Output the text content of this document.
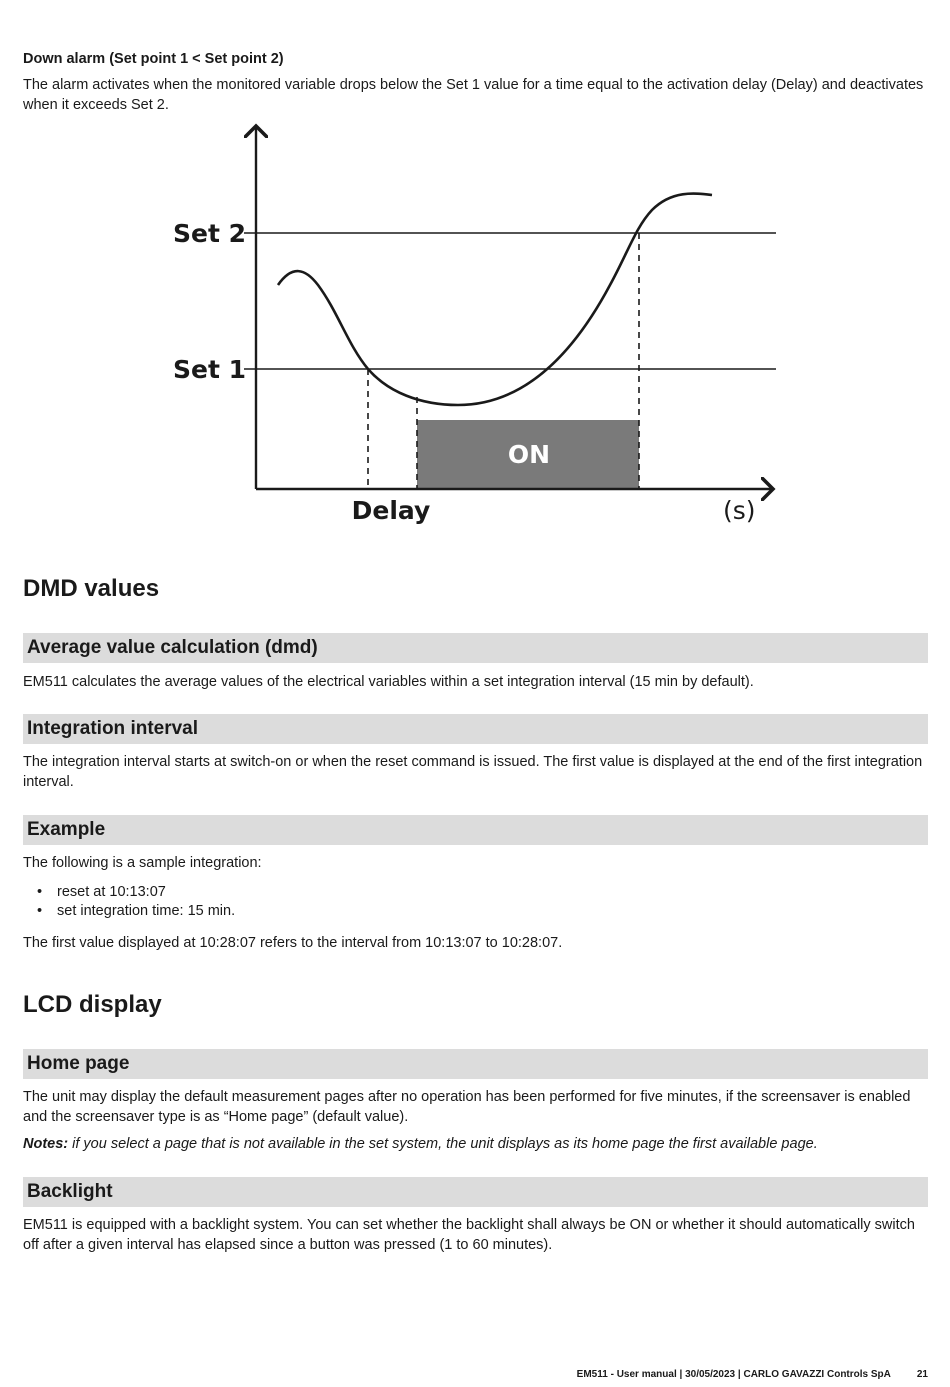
Down alarm (Set point 1 < Set point 2)

The alarm activates when the monitored variable drops below the Set 1 value for a time equal to the activation delay (Delay) and deactivates when it exceeds Set 2.

ON
Set 2
Set 1
Delay	(s)
DMD values
Average value calculation (dmd)

EM511 calculates the average values of the electrical variables within a set integration interval (15 min by default).

Integration interval

The integration interval starts at switch-on or when the reset command is issued. The first value is displayed at the end of the first integration interval.

Example

The following is a sample integration:

• reset at 10:13:07
• set integration time: 15 min.

The first value displayed at 10:28:07 refers to the interval from 10:13:07 to 10:28:07.

LCD display
Home page

The unit may display the default measurement pages after no operation has been performed for five minutes, if the screensaver is enabled and the screensaver type is as “Home page” (default value).

Notes: if you select a page that is not available in the set system, the unit displays as its home page the first available page.

Backlight

EM511 is equipped with a backlight system. You can set whether the backlight shall always be ON or whether it should automatically switch off after a given interval has elapsed since a button was pressed (1 to 60 minutes).

EM511 - User manual | 30/05/2023 | CARLO GAVAZZI Controls SpA	21
